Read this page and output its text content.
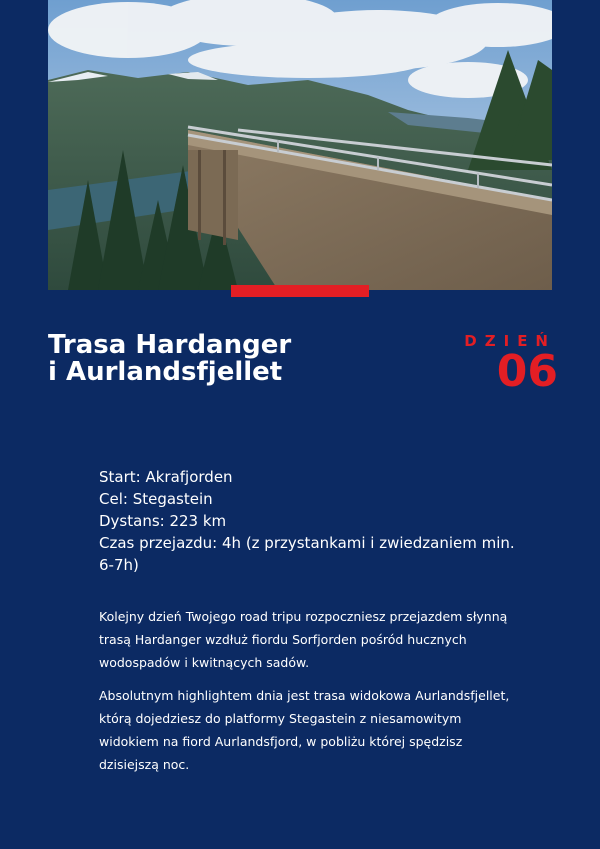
Trasa Hardanger
i Aurlandsfjellet
DZIEŃ
06
Start: Akrafjorden
Cel: Stegastein
Dystans: 223 km
Czas przejazdu: 4h (z przystankami i zwiedzaniem min. 6-7h)

Kolejny dzień Twojego road tripu rozpoczniesz przejazdem słynną trasą Hardanger wzdłuż fiordu Sorfjorden pośród hucznych wodospadów i kwitnących sadów.

Absolutnym highlightem dnia jest trasa widokowa Aurlandsfjellet, którą dojedziesz do platformy Stegastein z niesamowitym widokiem na fiord Aurlandsfjord, w pobliżu której spędzisz dzisiejszą noc.
